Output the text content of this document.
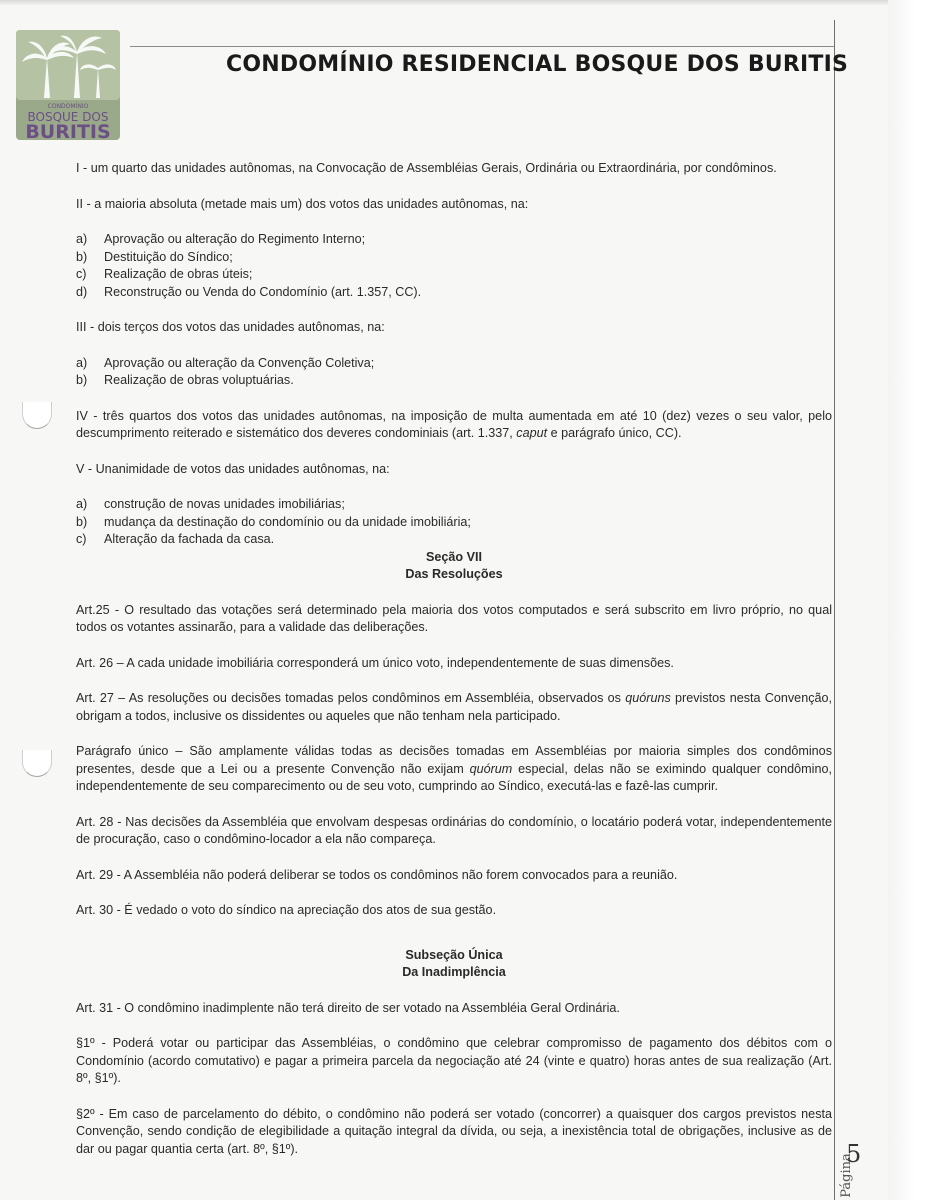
CONDOMÍNIO
BOSQUE DOS
BURITIS
CONDOMÍNIO RESIDENCIAL BOSQUE DOS BURITIS

I - um quarto das unidades autônomas, na Convocação de Assembléias Gerais, Ordinária ou Extraordinária, por condôminos.

II - a maioria absoluta (metade mais um) dos votos das unidades autônomas, na:

a)	Aprovação ou alteração do Regimento Interno;
b)	Destituição do Síndico;
c)	Realização de obras úteis;
d)	Reconstrução ou Venda do Condomínio (art. 1.357, CC).

III - dois terços dos votos das unidades autônomas, na:

a)	Aprovação ou alteração da Convenção Coletiva;
b)	Realização de obras voluptuárias.

IV - três quartos dos votos das unidades autônomas, na imposição de multa aumentada em até 10 (dez) vezes o seu valor, pelo descumprimento reiterado e sistemático dos deveres condominiais (art. 1.337, caput e parágrafo único, CC).

V - Unanimidade de votos das unidades autônomas, na:

a)	construção de novas unidades imobiliárias;
b)	mudança da destinação do condomínio ou da unidade imobiliária;
c)	Alteração da fachada da casa.

Seção VII

Das Resoluções

Art.25 - O resultado das votações será determinado pela maioria dos votos computados e será subscrito em livro próprio, no qual todos os votantes assinarão, para a validade das deliberações.

Art. 26 – A cada unidade imobiliária corresponderá um único voto, independentemente de suas dimensões.

Art. 27 – As resoluções ou decisões tomadas pelos condôminos em Assembléia, observados os quóruns previstos nesta Convenção, obrigam a todos, inclusive os dissidentes ou aqueles que não tenham nela participado.

Parágrafo único – São amplamente válidas todas as decisões tomadas em Assembléias por maioria simples dos condôminos presentes, desde que a Lei ou a presente Convenção não exijam quórum especial, delas não se eximindo qualquer condômino, independentemente de seu comparecimento ou de seu voto, cumprindo ao Síndico, executá-las e fazê-las cumprir.

Art. 28 - Nas decisões da Assembléia que envolvam despesas ordinárias do condomínio, o locatário poderá votar, independentemente de procuração, caso o condômino-locador a ela não compareça.

Art. 29 - A Assembléia não poderá deliberar se todos os condôminos não forem convocados para a reunião.

Art. 30 - É vedado o voto do síndico na apreciação dos atos de sua gestão.

Subseção Única

Da Inadimplência

Art. 31 - O condômino inadimplente não terá direito de ser votado na Assembléia Geral Ordinária.

§1º - Poderá votar ou participar das Assembléias, o condômino que celebrar compromisso de pagamento dos débitos com o Condomínio (acordo comutativo) e pagar a primeira parcela da negociação até 24 (vinte e quatro) horas antes de sua realização (Art. 8º, §1º).

§2º - Em caso de parcelamento do débito, o condômino não poderá ser votado (concorrer) a quaisquer dos cargos previstos nesta Convenção, sendo condição de elegibilidade a quitação integral da dívida, ou seja, a inexistência total de obrigações, inclusive as de dar ou pagar quantia certa (art. 8º, §1º).	5
Página
